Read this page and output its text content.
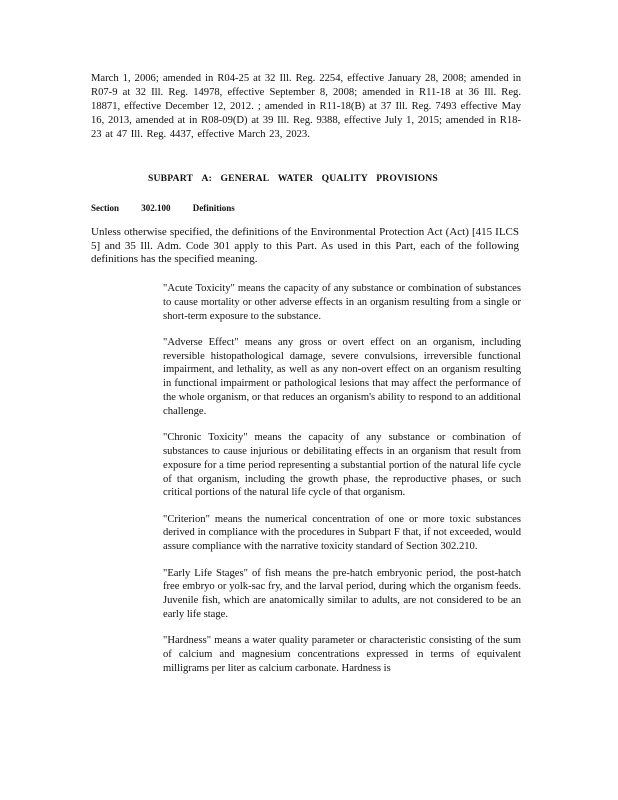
March 1, 2006; amended in R04-25 at 32 Ill. Reg. 2254, effective January 28, 2008; amended in R07-9 at 32 Ill. Reg. 14978, effective September 8, 2008; amended in R11-18 at 36 Ill. Reg. 18871, effective December 12, 2012. ; amended in R11-18(B) at 37 Ill. Reg. 7493 effective May 16, 2013, amended at in R08-09(D) at 39 Ill. Reg. 9388, effective July 1, 2015; amended in R18-23 at 47 Ill. Reg. 4437, effective March 23, 2023.
SUBPART A: GENERAL WATER QUALITY PROVISIONS
Section 302.100 Definitions
Unless otherwise specified, the definitions of the Environmental Protection Act (Act) [415 ILCS 5] and 35 Ill. Adm. Code 301 apply to this Part. As used in this Part, each of the following definitions has the specified meaning.

"Acute Toxicity" means the capacity of any substance or combination of substances to cause mortality or other adverse effects in an organism resulting from a single or short-term exposure to the substance.

"Adverse Effect" means any gross or overt effect on an organism, including reversible histopathological damage, severe convulsions, irreversible functional impairment, and lethality, as well as any non-overt effect on an organism resulting in functional impairment or pathological lesions that may affect the performance of the whole organism, or that reduces an organism's ability to respond to an additional challenge.

"Chronic Toxicity" means the capacity of any substance or combination of substances to cause injurious or debilitating effects in an organism that result from exposure for a time period representing a substantial portion of the natural life cycle of that organism, including the growth phase, the reproductive phases, or such critical portions of the natural life cycle of that organism.

"Criterion" means the numerical concentration of one or more toxic substances derived in compliance with the procedures in Subpart F that, if not exceeded, would assure compliance with the narrative toxicity standard of Section 302.210.

"Early Life Stages" of fish means the pre-hatch embryonic period, the post-hatch free embryo or yolk-sac fry, and the larval period, during which the organism feeds. Juvenile fish, which are anatomically similar to adults, are not considered to be an early life stage.

"Hardness" means a water quality parameter or characteristic consisting of the sum of calcium and magnesium concentrations expressed in terms of equivalent milligrams per liter as calcium carbonate. Hardness is
